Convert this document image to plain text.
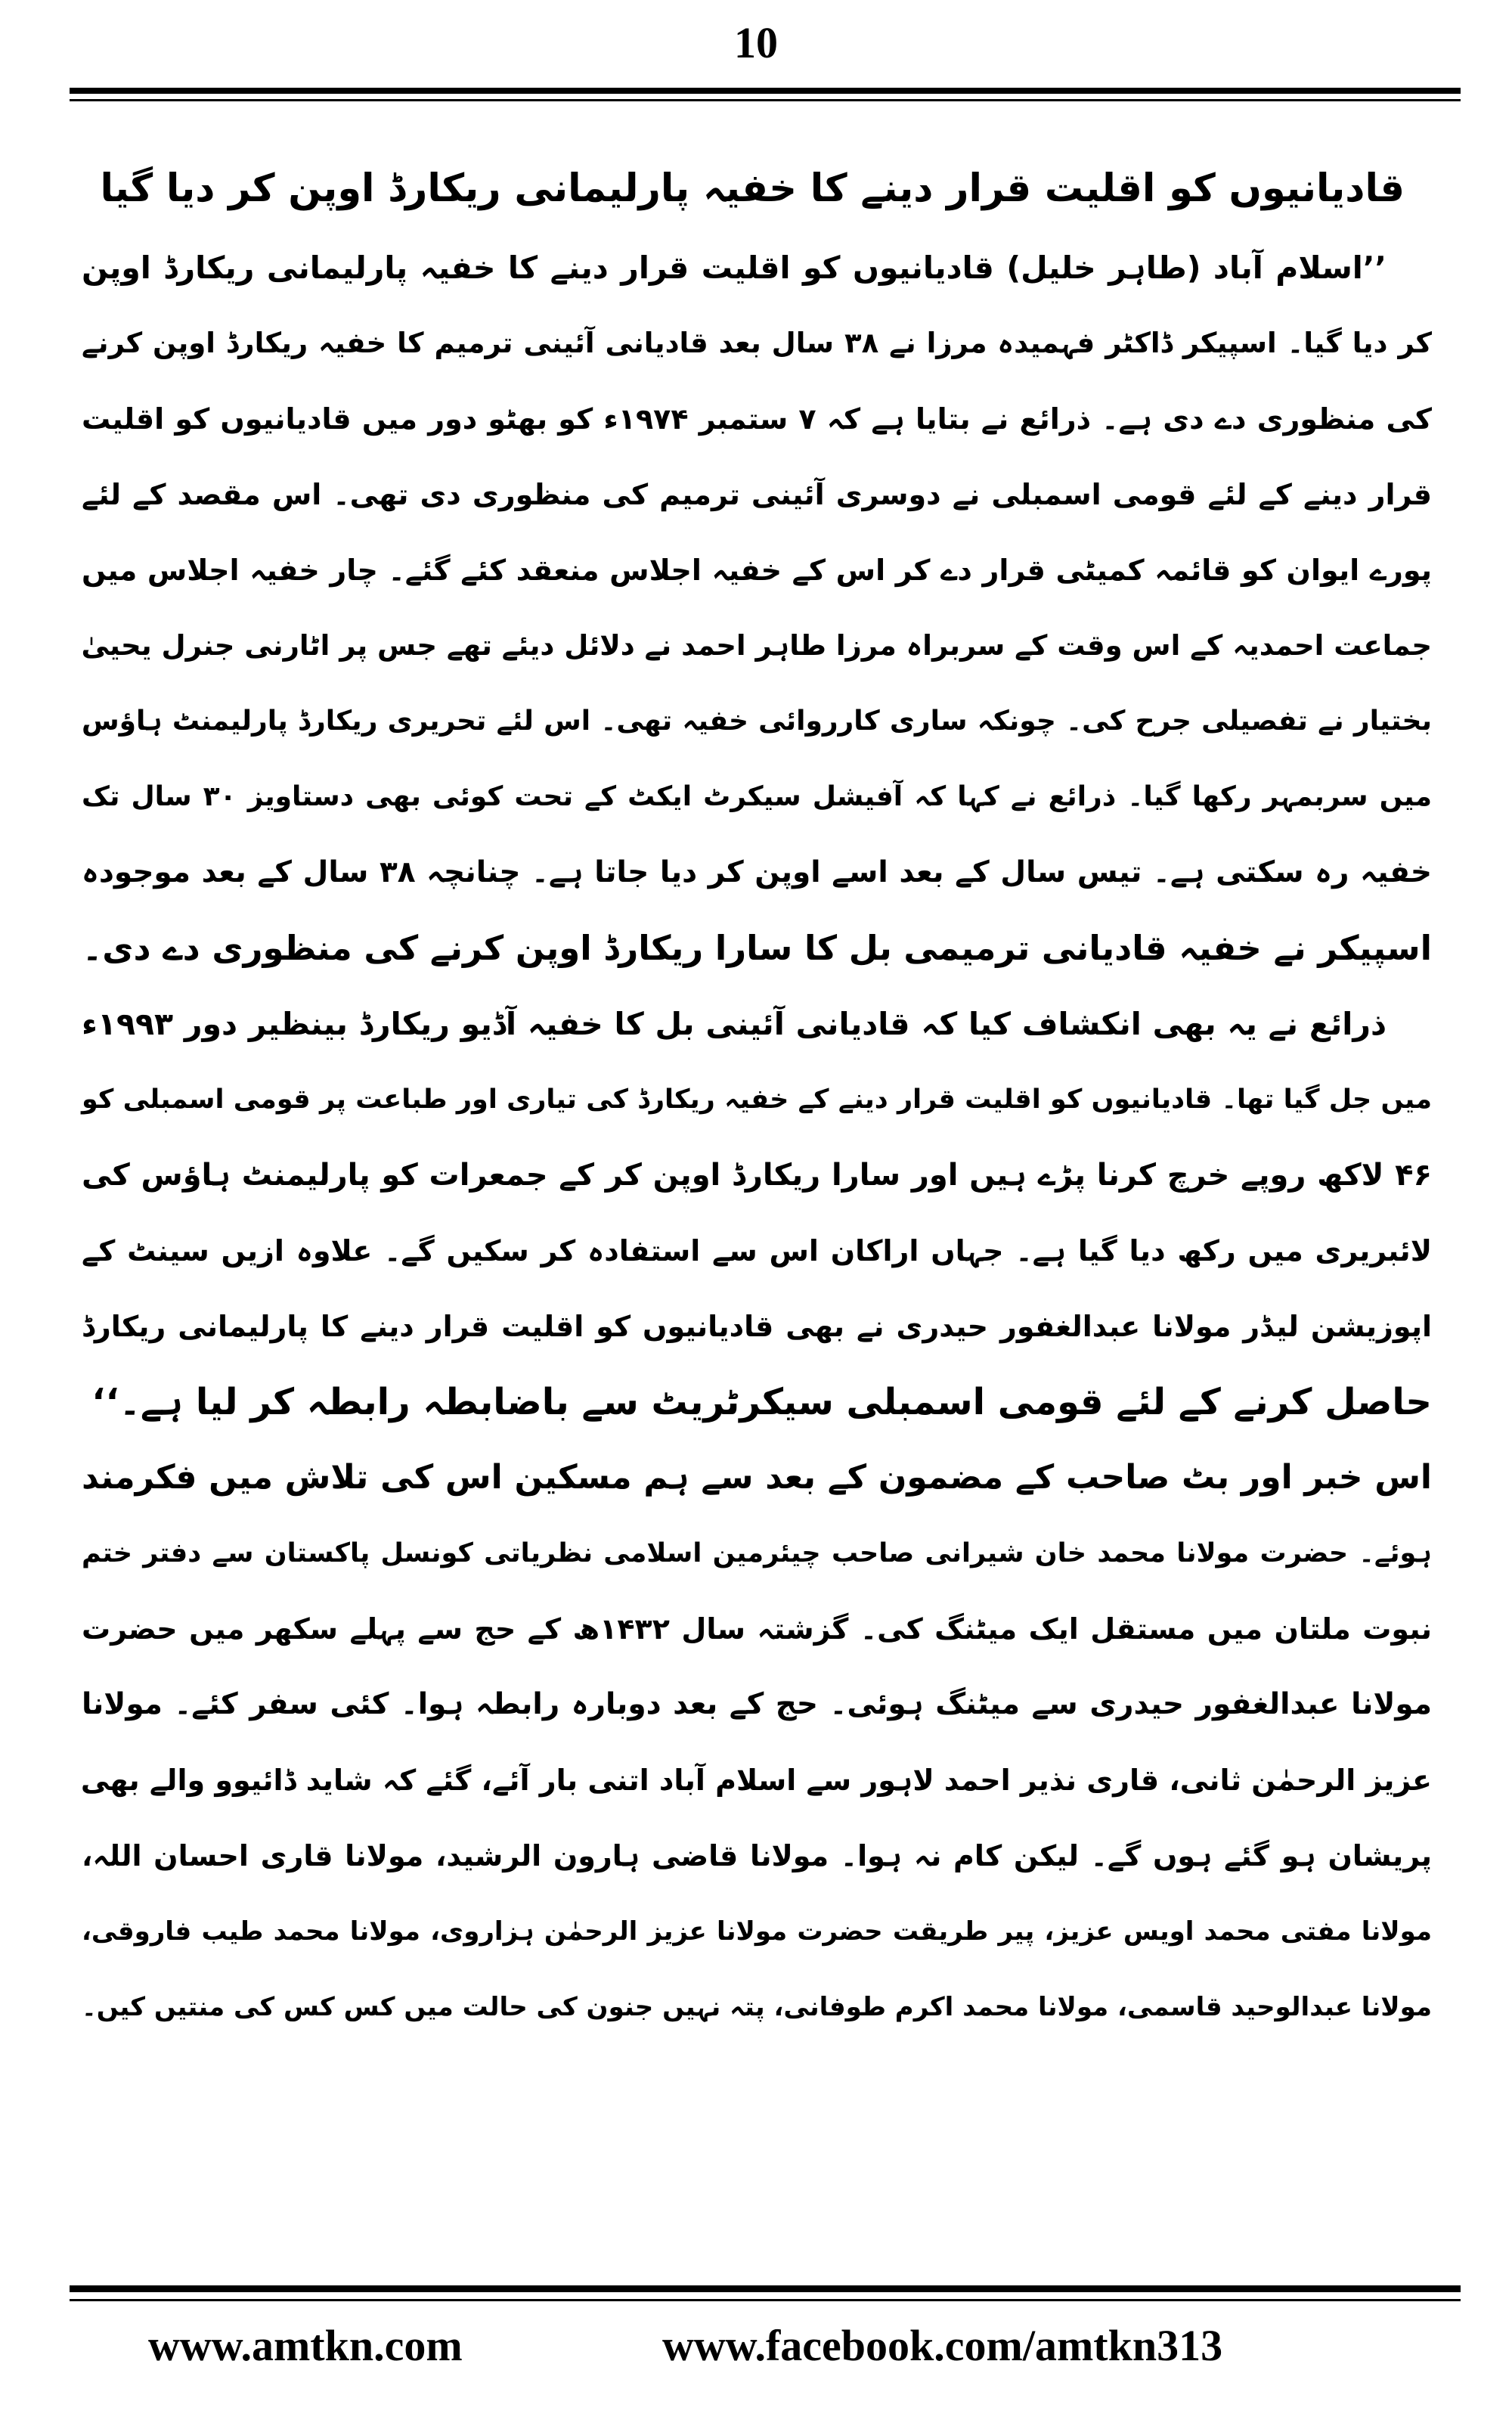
10
قادیانیوں کو اقلیت قرار دینے کا خفیہ پارلیمانی ریکارڈ اوپن کر دیا گیا
’’اسلام آباد (طاہر خلیل) قادیانیوں کو اقلیت قرار دینے کا خفیہ پارلیمانی ریکارڈ اوپن
کر دیا گیا۔ اسپیکر ڈاکٹر فہمیدہ مرزا نے ۳۸ سال بعد قادیانی آئینی ترمیم کا خفیہ ریکارڈ اوپن کرنے
کی منظوری دے دی ہے۔ ذرائع نے بتایا ہے کہ ۷ ستمبر ۱۹۷۴ء کو بھٹو دور میں قادیانیوں کو اقلیت
قرار دینے کے لئے قومی اسمبلی نے دوسری آئینی ترمیم کی منظوری دی تھی۔ اس مقصد کے لئے
پورے ایوان کو قائمہ کمیٹی قرار دے کر اس کے خفیہ اجلاس منعقد کئے گئے۔ چار خفیہ اجلاس میں
جماعت احمدیہ کے اس وقت کے سربراہ مرزا طاہر احمد نے دلائل دیئے تھے جس پر اٹارنی جنرل یحییٰ
بختیار نے تفصیلی جرح کی۔ چونکہ ساری کارروائی خفیہ تھی۔ اس لئے تحریری ریکارڈ پارلیمنٹ ہاؤس
میں سربمہر رکھا گیا۔ ذرائع نے کہا کہ آفیشل سیکرٹ ایکٹ کے تحت کوئی بھی دستاویز ۳۰ سال تک
خفیہ رہ سکتی ہے۔ تیس سال کے بعد اسے اوپن کر دیا جاتا ہے۔ چنانچہ ۳۸ سال کے بعد موجودہ
اسپیکر نے خفیہ قادیانی ترمیمی بل کا سارا ریکارڈ اوپن کرنے کی منظوری دے دی۔
ذرائع نے یہ بھی انکشاف کیا کہ قادیانی آئینی بل کا خفیہ آڈیو ریکارڈ بینظیر دور ۱۹۹۳ء
میں جل گیا تھا۔ قادیانیوں کو اقلیت قرار دینے کے خفیہ ریکارڈ کی تیاری اور طباعت پر قومی اسمبلی کو
۴۶ لاکھ روپے خرچ کرنا پڑے ہیں اور سارا ریکارڈ اوپن کر کے جمعرات کو پارلیمنٹ ہاؤس کی
لائبریری میں رکھ دیا گیا ہے۔ جہاں اراکان اس سے استفادہ کر سکیں گے۔ علاوہ ازیں سینٹ کے
اپوزیشن لیڈر مولانا عبدالغفور حیدری نے بھی قادیانیوں کو اقلیت قرار دینے کا پارلیمانی ریکارڈ
حاصل کرنے کے لئے قومی اسمبلی سیکرٹریٹ سے باضابطہ رابطہ کر لیا ہے۔‘‘
اس خبر اور بٹ صاحب کے مضمون کے بعد سے ہم مسکین اس کی تلاش میں فکرمند
ہوئے۔ حضرت مولانا محمد خان شیرانی صاحب چیئرمین اسلامی نظریاتی کونسل پاکستان سے دفتر ختم
نبوت ملتان میں مستقل ایک میٹنگ کی۔ گزشتہ سال ۱۴۳۲ھ کے حج سے پہلے سکھر میں حضرت
مولانا عبدالغفور حیدری سے میٹنگ ہوئی۔ حج کے بعد دوبارہ رابطہ ہوا۔ کئی سفر کئے۔ مولانا
عزیز الرحمٰن ثانی، قاری نذیر احمد لاہور سے اسلام آباد اتنی بار آئے، گئے کہ شاید ڈائیوو والے بھی
پریشان ہو گئے ہوں گے۔ لیکن کام نہ ہوا۔ مولانا قاضی ہارون الرشید، مولانا قاری احسان اللہ،
مولانا مفتی محمد اویس عزیز، پیر طریقت حضرت مولانا عزیز الرحمٰن ہزاروی، مولانا محمد طیب فاروقی،
مولانا عبدالوحید قاسمی، مولانا محمد اکرم طوفانی، پتہ نہیں جنون کی حالت میں کس کس کی منتیں کیں۔
www.amtkn.com	www.facebook.com/amtkn313
